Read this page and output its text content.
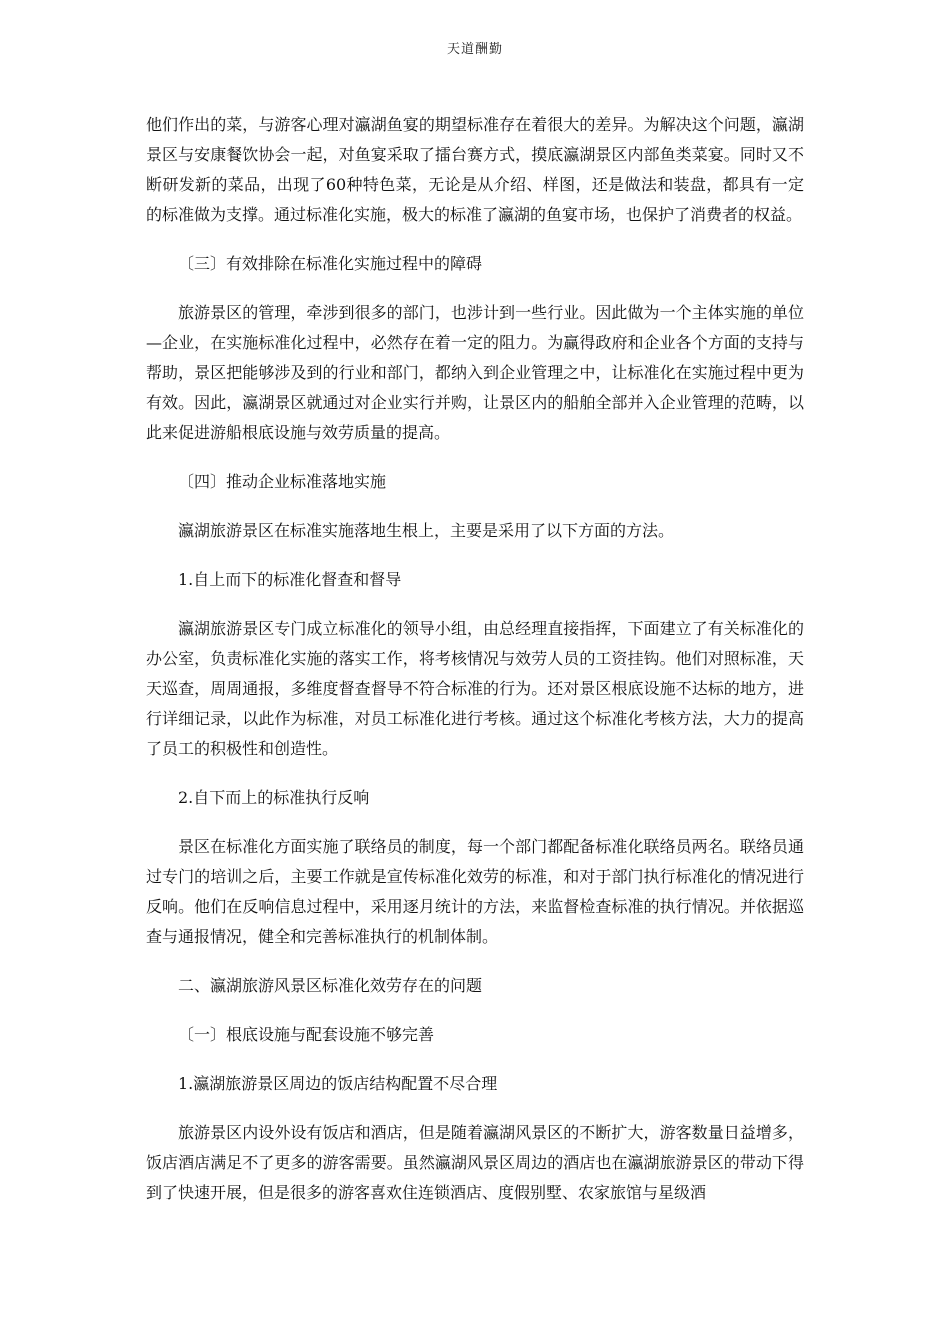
天道酬勤

他们作出的菜，与游客心理对瀛湖鱼宴的期望标准存在着很大的差异。为解决这个问题，瀛湖景区与安康餐饮协会一起，对鱼宴采取了擂台赛方式，摸底瀛湖景区内部鱼类菜宴。同时又不断研发新的菜品，出现了60种特色菜，无论是从介绍、样图，还是做法和装盘，都具有一定的标准做为支撑。通过标准化实施，极大的标准了瀛湖的鱼宴市场，也保护了消费者的权益。

〔三〕有效排除在标准化实施过程中的障碍

旅游景区的管理，牵涉到很多的部门，也涉计到一些行业。因此做为一个主体实施的单位—企业，在实施标准化过程中，必然存在着一定的阻力。为赢得政府和企业各个方面的支持与帮助，景区把能够涉及到的行业和部门，都纳入到企业管理之中，让标准化在实施过程中更为有效。因此，瀛湖景区就通过对企业实行并购，让景区内的船舶全部并入企业管理的范畴，以此来促进游船根底设施与效劳质量的提高。

〔四〕推动企业标准落地实施

瀛湖旅游景区在标准实施落地生根上，主要是采用了以下方面的方法。

1.自上而下的标准化督查和督导

瀛湖旅游景区专门成立标准化的领导小组，由总经理直接指挥，下面建立了有关标准化的办公室，负责标准化实施的落实工作，将考核情况与效劳人员的工资挂钩。他们对照标准，天天巡查，周周通报，多维度督查督导不符合标准的行为。还对景区根底设施不达标的地方，进行详细记录，以此作为标准，对员工标准化进行考核。通过这个标准化考核方法，大力的提高了员工的积极性和创造性。

2.自下而上的标准执行反响

景区在标准化方面实施了联络员的制度，每一个部门都配备标准化联络员两名。联络员通过专门的培训之后，主要工作就是宣传标准化效劳的标准，和对于部门执行标准化的情况进行反响。他们在反响信息过程中，采用逐月统计的方法，来监督检查标准的执行情况。并依据巡查与通报情况，健全和完善标准执行的机制体制。

二、瀛湖旅游风景区标准化效劳存在的问题

〔一〕根底设施与配套设施不够完善

1.瀛湖旅游景区周边的饭店结构配置不尽合理

旅游景区内设外设有饭店和酒店，但是随着瀛湖风景区的不断扩大，游客数量日益增多，饭店酒店满足不了更多的游客需要。虽然瀛湖风景区周边的酒店也在瀛湖旅游景区的带动下得到了快速开展，但是很多的游客喜欢住连锁酒店、度假别墅、农家旅馆与星级酒
